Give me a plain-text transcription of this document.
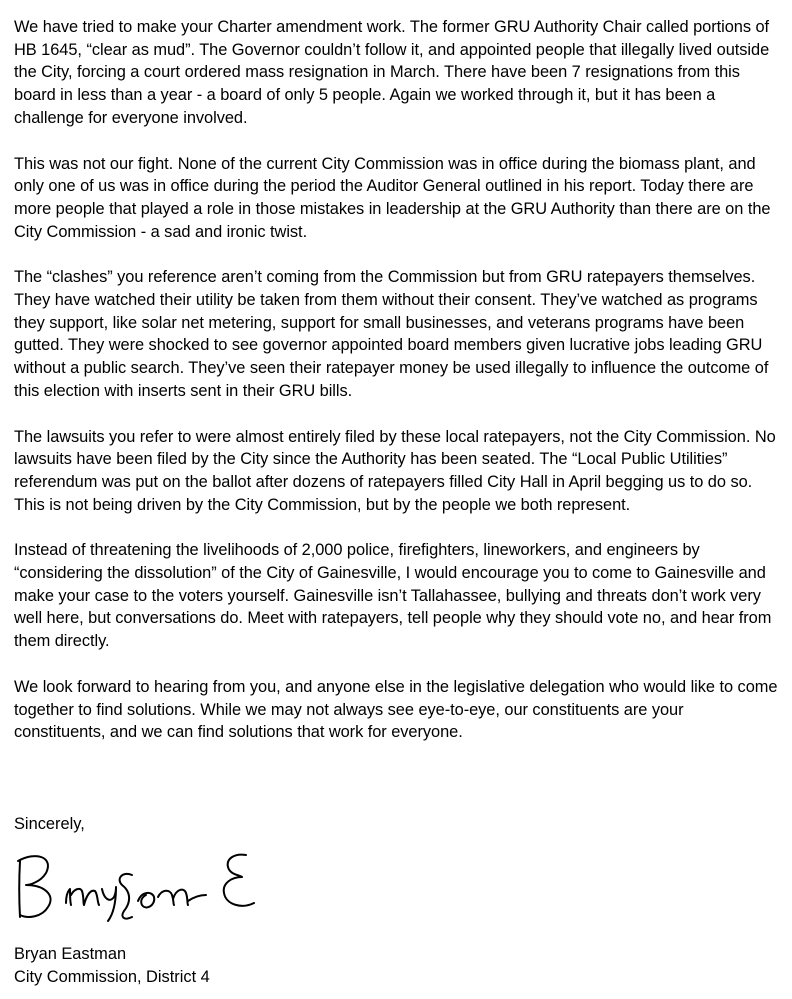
We have tried to make your Charter amendment work. The former GRU Authority Chair called portions of HB 1645, “clear as mud”. The Governor couldn’t follow it, and appointed people that illegally lived outside the City, forcing a court ordered mass resignation in March. There have been 7 resignations from this board in less than a year - a board of only 5 people. Again we worked through it, but it has been a challenge for everyone involved.

This was not our fight. None of the current City Commission was in office during the biomass plant, and only one of us was in office during the period the Auditor General outlined in his report. Today there are more people that played a role in those mistakes in leadership at the GRU Authority than there are on the City Commission - a sad and ironic twist.

The “clashes” you reference aren’t coming from the Commission but from GRU ratepayers themselves. They have watched their utility be taken from them without their consent. They’ve watched as programs they support, like solar net metering, support for small businesses, and veterans programs have been gutted. They were shocked to see governor appointed board members given lucrative jobs leading GRU without a public search. They’ve seen their ratepayer money be used illegally to influence the outcome of this election with inserts sent in their GRU bills.

The lawsuits you refer to were almost entirely filed by these local ratepayers, not the City Commission. No lawsuits have been filed by the City since the Authority has been seated. The “Local Public Utilities” referendum was put on the ballot after dozens of ratepayers filled City Hall in April begging us to do so. This is not being driven by the City Commission, but by the people we both represent.

Instead of threatening the livelihoods of 2,000 police, firefighters, lineworkers, and engineers by “considering the dissolution” of the City of Gainesville, I would encourage you to come to Gainesville and make your case to the voters yourself. Gainesville isn’t Tallahassee, bullying and threats don’t work very well here, but conversations do. Meet with ratepayers, tell people why they should vote no, and hear from them directly.

We look forward to hearing from you, and anyone else in the legislative delegation who would like to come together to find solutions. While we may not always see eye-to-eye, our constituents are your constituents, and we can find solutions that work for everyone.

Sincerely,

Bryan Eastman

City Commission, District 4
